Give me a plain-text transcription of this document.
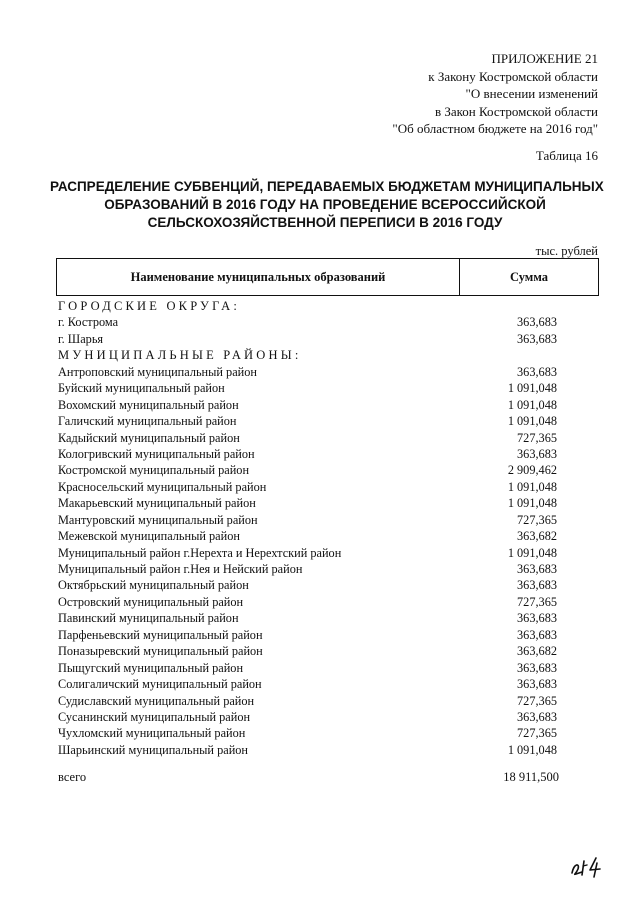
ПРИЛОЖЕНИЕ 21
к Закону Костромской области
"О внесении изменений
в Закон Костромской области
"Об областном бюджете на 2016 год"
Таблица 16
РАСПРЕДЕЛЕНИЕ СУБВЕНЦИЙ, ПЕРЕДАВАЕМЫХ БЮДЖЕТАМ МУНИЦИПАЛЬНЫХ
ОБРАЗОВАНИЙ В 2016 ГОДУ НА ПРОВЕДЕНИЕ ВСЕРОССИЙСКОЙ
СЕЛЬСКОХОЗЯЙСТВЕННОЙ ПЕРЕПИСИ В 2016 ГОДУ
тыс. рублей
Наименование муниципальных образований	Сумма
ГОРОДСКИЕ ОКРУГА:
г. Кострома	363,683
г. Шарья	363,683
МУНИЦИПАЛЬНЫЕ РАЙОНЫ:
Антроповский муниципальный район	363,683
Буйский муниципальный район	1 091,048
Вохомский муниципальный район	1 091,048
Галичский муниципальный район	1 091,048
Кадыйский муниципальный район	727,365
Кологривский муниципальный район	363,683
Костромской муниципальный район	2 909,462
Красносельский муниципальный район	1 091,048
Макарьевский муниципальный район	1 091,048
Мантуровский муниципальный район	727,365
Межевской муниципальный район	363,682
Муниципальный район г.Нерехта и Нерехтский район	1 091,048
Муниципальный район г.Нея и Нейский район	363,683
Октябрьский муниципальный район	363,683
Островский муниципальный район	727,365
Павинский муниципальный район	363,683
Парфеньевский муниципальный район	363,683
Поназыревский муниципальный район	363,682
Пыщугский муниципальный район	363,683
Солигаличский муниципальный район	363,683
Судиславский муниципальный район	727,365
Сусанинский муниципальный район	363,683
Чухломский муниципальный район	727,365
Шарьинский муниципальный район	1 091,048
всего	18 911,500
